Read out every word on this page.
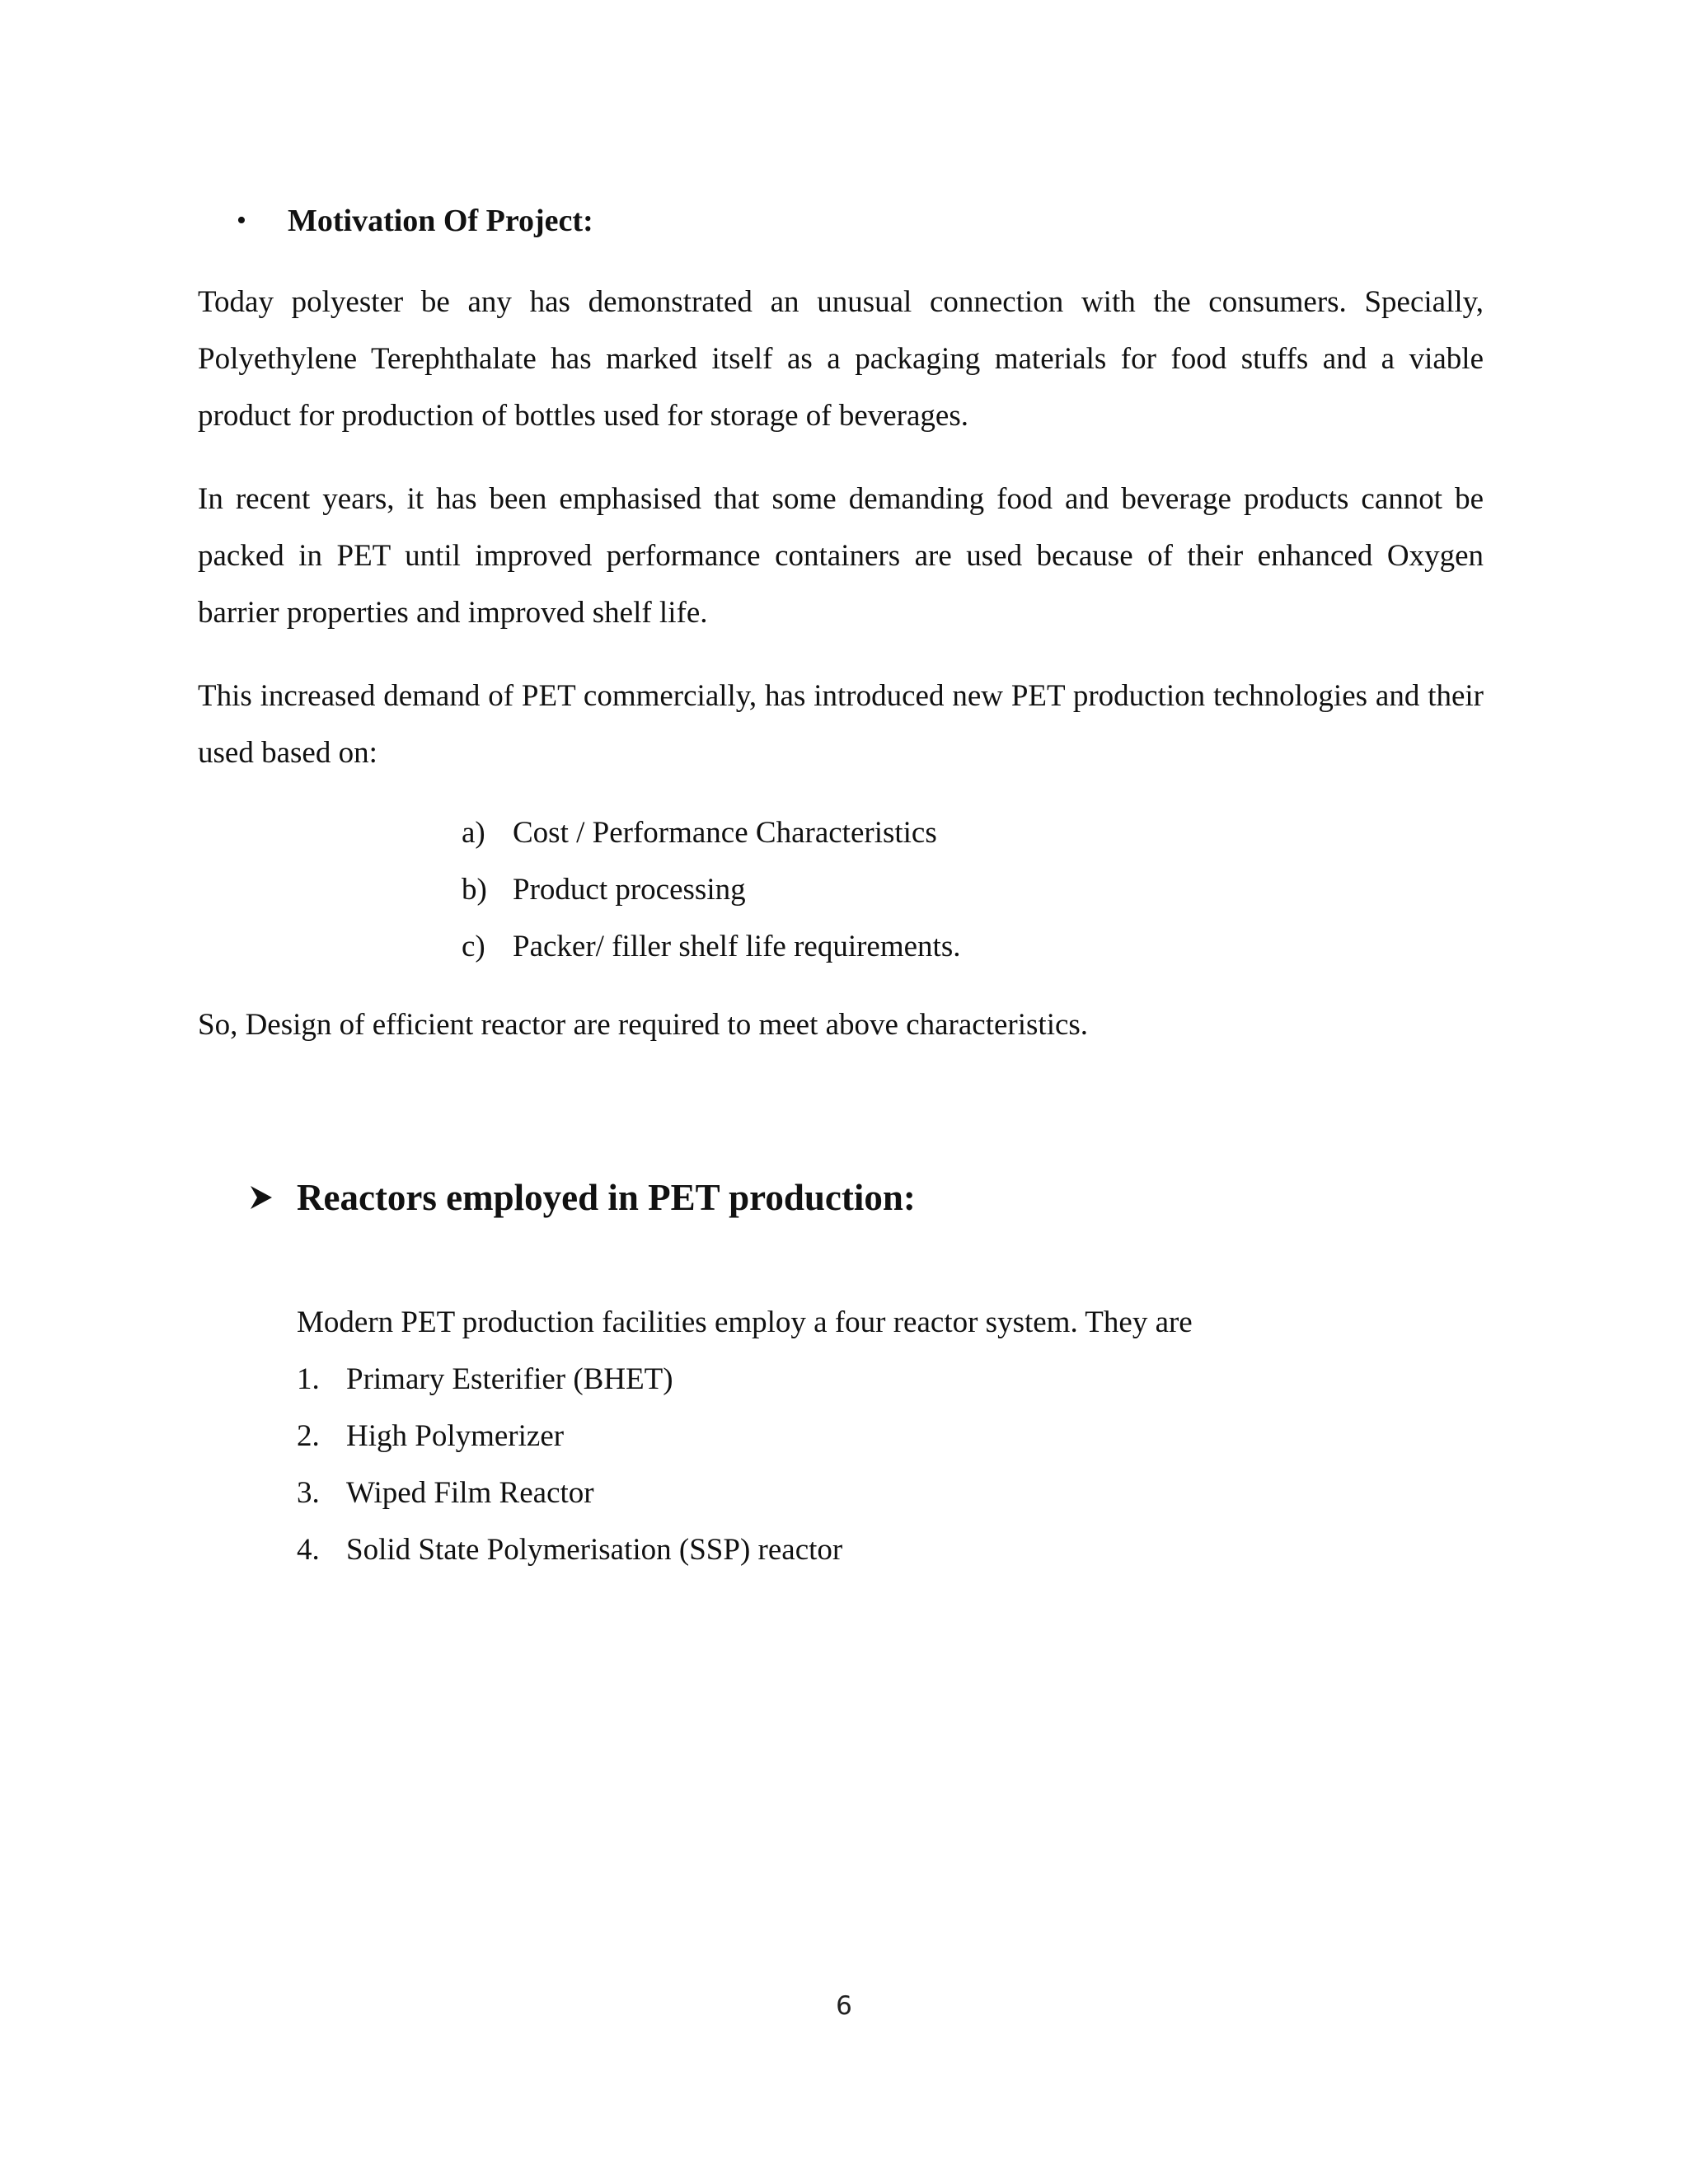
•	Motivation Of Project:

Today polyester be any has demonstrated an unusual connection with the consumers. Specially, Polyethylene Terephthalate has marked itself as a packaging materials for food stuffs and a viable product for production of bottles used for storage of beverages.

In recent years, it has been emphasised that some demanding food and beverage products cannot be packed in PET until improved performance containers are used because of their enhanced Oxygen barrier properties and improved shelf life.

This increased demand of PET commercially, has introduced new PET production technologies and their used based on:

a) Cost / Performance Characteristics
b) Product processing
c) Packer/ filler shelf life requirements.

So, Design of efficient reactor are required to meet above characteristics.

Reactors employed in PET production:

Modern PET production facilities employ a four reactor system. They are

1. Primary Esterifier (BHET)
2. High Polymerizer
3. Wiped Film Reactor
4. Solid State Polymerisation (SSP) reactor
6
